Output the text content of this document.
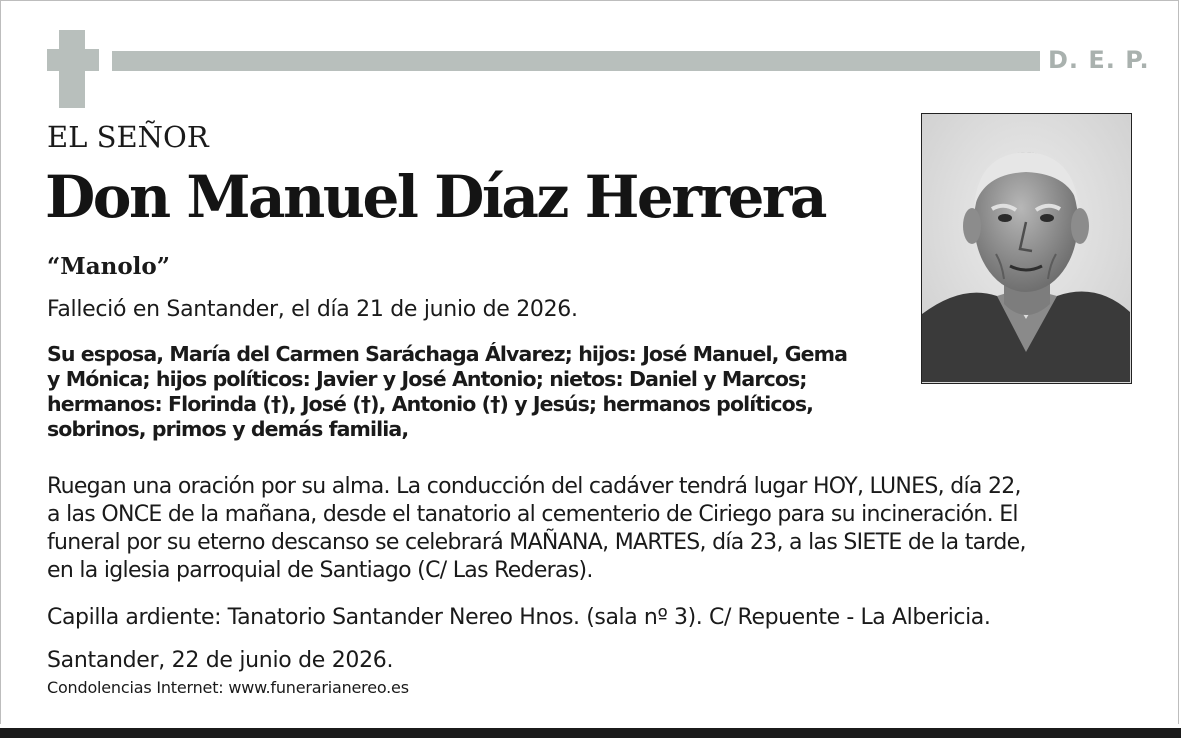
D. E. P.
EL SEÑOR
Don Manuel Díaz Herrera
“Manolo”
Falleció en Santander, el día 21 de junio de 2026.
Su esposa, María del Carmen Saráchaga Álvarez; hijos: José Manuel, Gema
y Mónica; hijos políticos: Javier y José Antonio; nietos: Daniel y Marcos;
hermanos: Florinda (†), José (†), Antonio (†) y Jesús; hermanos políticos,
sobrinos, primos y demás familia,
Ruegan una oración por su alma. La conducción del cadáver tendrá lugar HOY, LUNES, día 22,
a las ONCE de la mañana, desde el tanatorio al cementerio de Ciriego para su incineración. El
funeral por su eterno descanso se celebrará MAÑANA, MARTES, día 23, a las SIETE de la tarde,
en la iglesia parroquial de Santiago (C/ Las Rederas).
Capilla ardiente: Tanatorio Santander Nereo Hnos. (sala nº 3). C/ Repuente - La Albericia.
Santander, 22 de junio de 2026.
Condolencias Internet: www.funerarianereo.es
